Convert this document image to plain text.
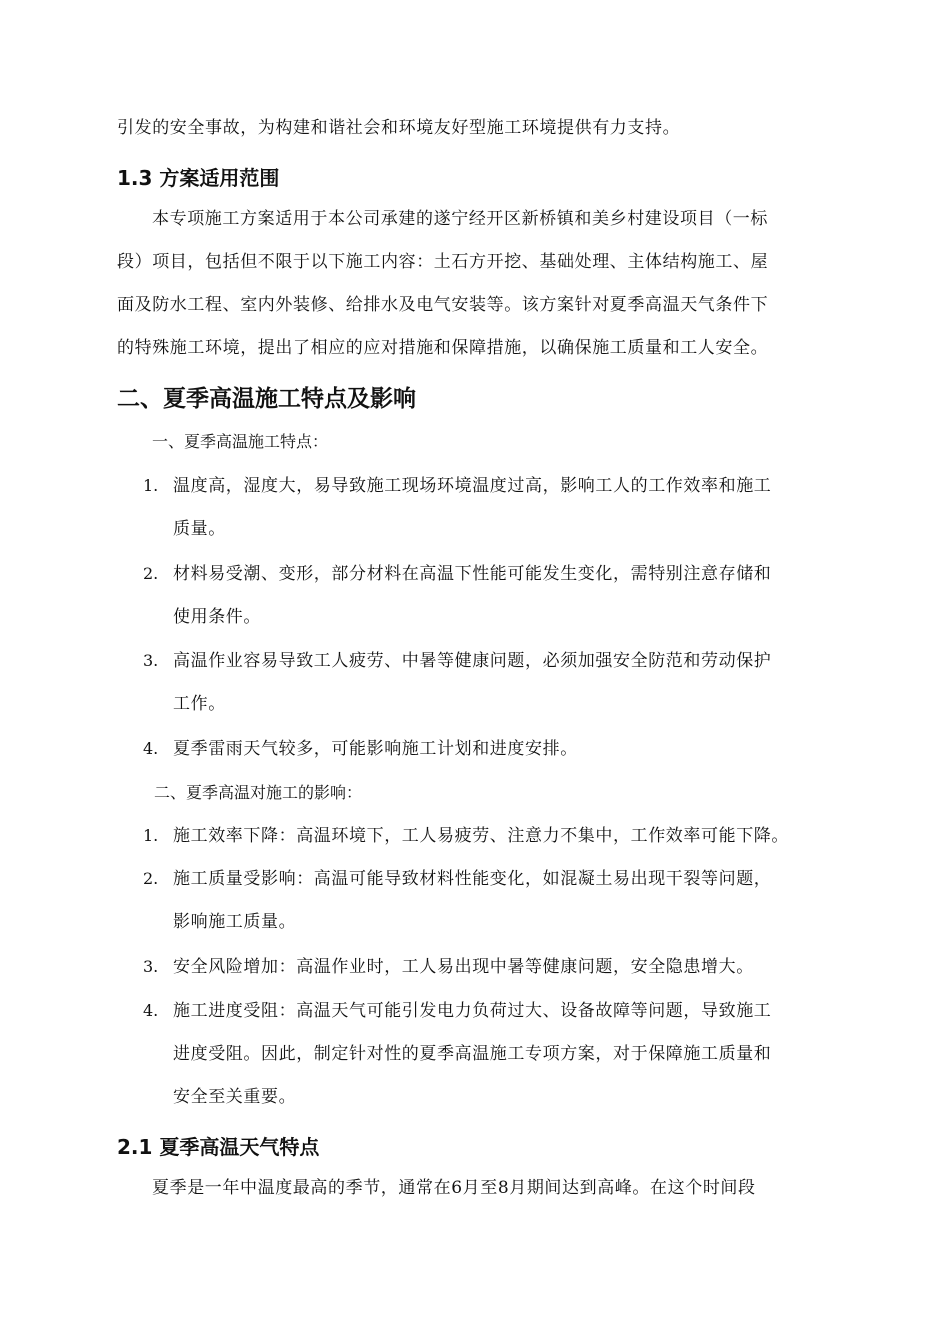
引发的安全事故，为构建和谐社会和环境友好型施工环境提供有力支持。
1.3 方案适用范围
本专项施工方案适用于本公司承建的遂宁经开区新桥镇和美乡村建设项目（一标
段）项目，包括但不限于以下施工内容：土石方开挖、基础处理、主体结构施工、屋
面及防水工程、室内外装修、给排水及电气安装等。该方案针对夏季高温天气条件下
的特殊施工环境，提出了相应的应对措施和保障措施，以确保施工质量和工人安全。
二、夏季高温施工特点及影响
一、夏季高温施工特点：
1. 温度高，湿度大，易导致施工现场环境温度过高，影响工人的工作效率和施工
质量。
2. 材料易受潮、变形，部分材料在高温下性能可能发生变化，需特别注意存储和
使用条件。
3. 高温作业容易导致工人疲劳、中暑等健康问题，必须加强安全防范和劳动保护
工作。
4. 夏季雷雨天气较多，可能影响施工计划和进度安排。
二、夏季高温对施工的影响：
1. 施工效率下降：高温环境下，工人易疲劳、注意力不集中，工作效率可能下降。
2. 施工质量受影响：高温可能导致材料性能变化，如混凝土易出现干裂等问题，
影响施工质量。
3. 安全风险增加：高温作业时，工人易出现中暑等健康问题，安全隐患增大。
4. 施工进度受阻：高温天气可能引发电力负荷过大、设备故障等问题，导致施工
进度受阻。因此，制定针对性的夏季高温施工专项方案，对于保障施工质量和
安全至关重要。
2.1 夏季高温天气特点
夏季是一年中温度最高的季节，通常在6月至8月期间达到高峰。在这个时间段
